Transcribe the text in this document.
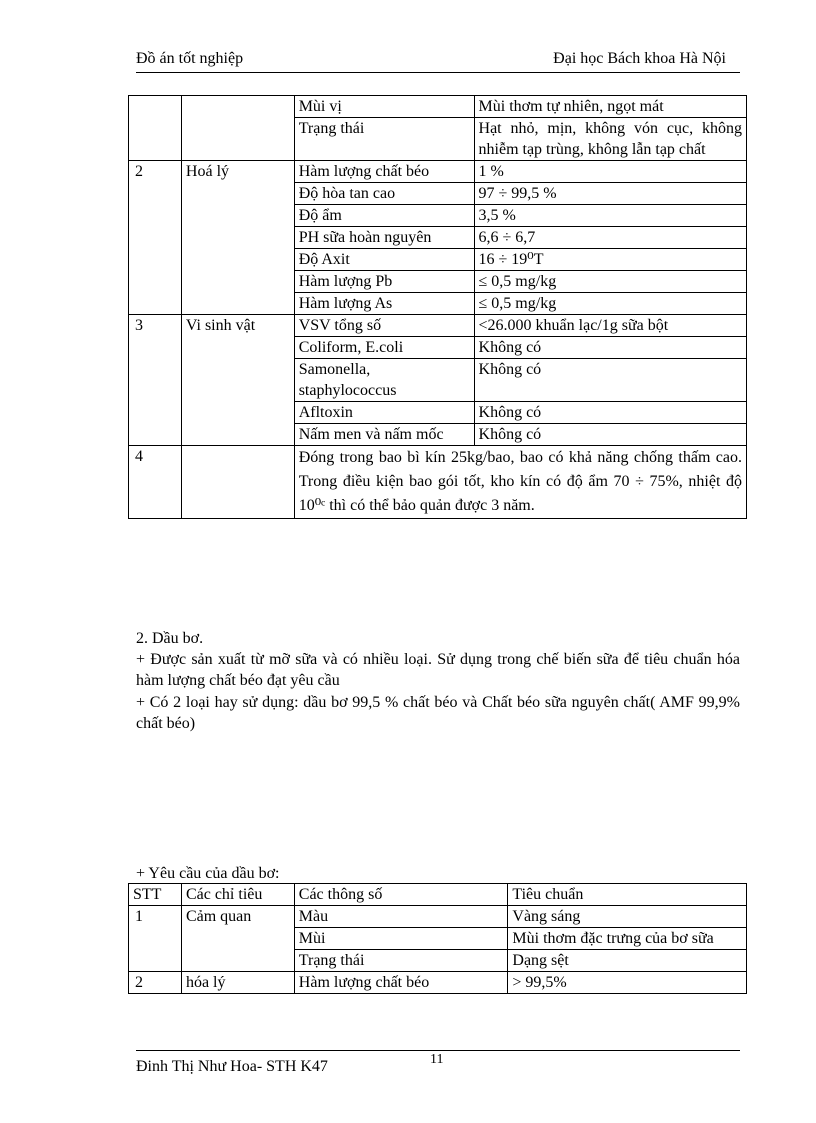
Đồ án tốt nghiệp	Đại học Bách khoa Hà Nội
		Mùi vị	Mùi thơm tự nhiên, ngọt mát
		Trạng thái	Hạt nhỏ, mịn, không vón cục, không nhiễm tạp trùng, không lẫn tạp chất
2	Hoá lý	Hàm lượng chất béo	1 %
		Độ hòa tan cao	97 ÷ 99,5 %
		Độ ẩm	3,5 %
		PH sữa hoàn nguyên	6,6 ÷ 6,7
		Độ Axit	16 ÷ 19⁰T
		Hàm lượng Pb	≤ 0,5 mg/kg
		Hàm lượng As	≤ 0,5 mg/kg
3	Vi sinh vật	VSV tổng số	<26.000 khuẩn lạc/1g sữa bột
		Coliform, E.coli	Không có
		Samonella, staphylococcus	Không có
		Afltoxin	Không có
		Nấm men và nấm mốc	Không có
4		Đóng trong bao bì kín 25kg/bao, bao có khả năng chống thấm cao. Trong điều kiện bao gói tốt, kho kín có độ ẩm 70 ÷ 75%, nhiệt độ 10⁰ᶜ thì có thể bảo quản được 3 năm.	
2. Dầu bơ.
+ Được sản xuất từ mỡ sữa và có nhiều loại. Sử dụng trong chế biến sữa để tiêu chuẩn hóa hàm lượng chất béo đạt yêu cầu
+ Có 2 loại hay sử dụng: dầu bơ 99,5 % chất béo và Chất béo sữa nguyên chất( AMF 99,9% chất béo)
+ Yêu cầu của dầu bơ:
STT	Các chỉ tiêu	Các thông số	Tiêu chuẩn
1	Cảm quan	Màu	Vàng sáng
		Mùi	Mùi thơm đặc trưng của bơ sữa
		Trạng thái	Dạng sệt
2	hóa lý	Hàm lượng chất béo	> 99,5%
11
Đinh Thị Như Hoa- STH K47
